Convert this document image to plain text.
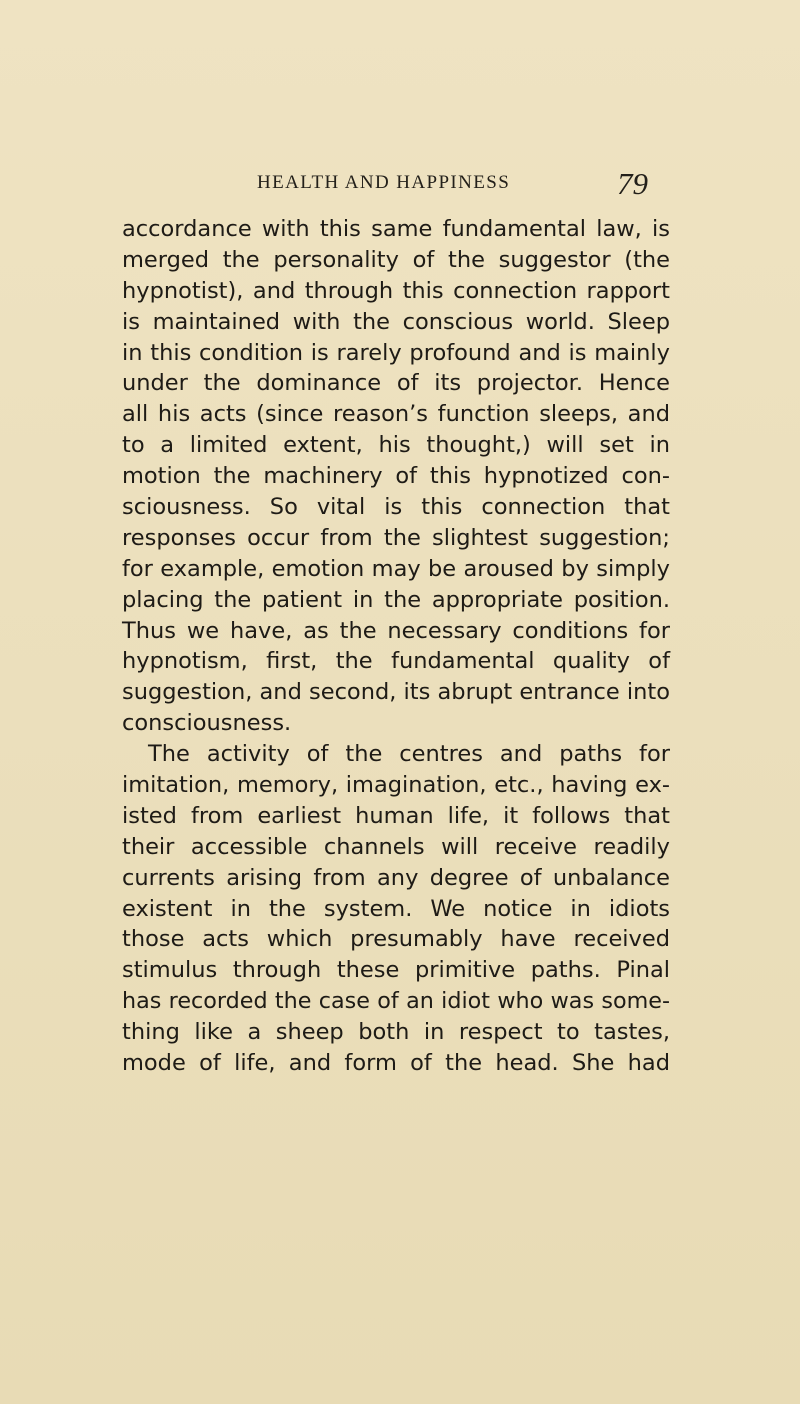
HEALTH AND HAPPINESS	79
accordance with this same fundamental law, is
merged the personality of the suggestor (the
hypnotist), and through this connection rapport
is maintained with the conscious world. Sleep
in this condition is rarely profound and is mainly
under the dominance of its projector. Hence
all his acts (since reason’s function sleeps, and
to a limited extent, his thought,) will set in
motion the machinery of this hypnotized con-
sciousness. So vital is this connection that
responses occur from the slightest suggestion;
for example, emotion may be aroused by simply
placing the patient in the appropriate position.
Thus we have, as the necessary conditions for
hypnotism, first, the fundamental quality of
suggestion, and second, its abrupt entrance into
consciousness.
The activity of the centres and paths for
imitation, memory, imagination, etc., having ex-
isted from earliest human life, it follows that
their accessible channels will receive readily
currents arising from any degree of unbalance
existent in the system. We notice in idiots
those acts which presumably have received
stimulus through these primitive paths. Pinal
has recorded the case of an idiot who was some-
thing like a sheep both in respect to tastes,
mode of life, and form of the head. She had
